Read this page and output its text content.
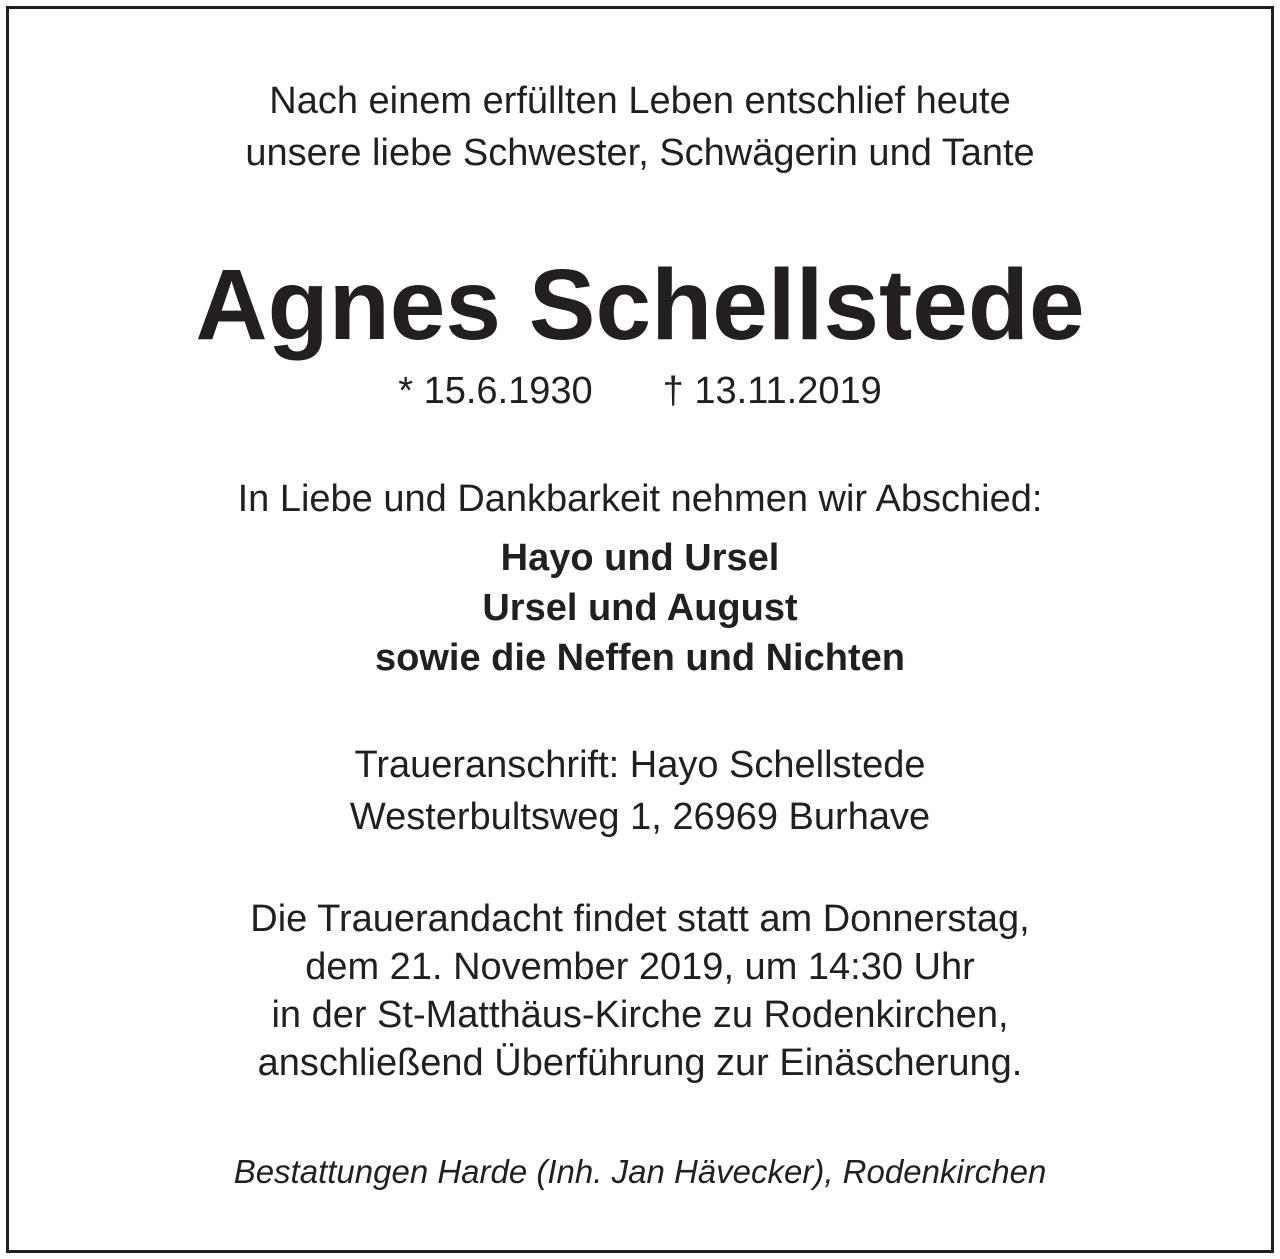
Nach einem erfüllten Leben entschlief heute
unsere liebe Schwester, Schwägerin und Tante
Agnes Schellstede
* 15.6.1930 † 13.11.2019
In Liebe und Dankbarkeit nehmen wir Abschied:
Hayo und Ursel
Ursel und August
sowie die Neffen und Nichten
Traueranschrift: Hayo Schellstede
Westerbultsweg 1, 26969 Burhave
Die Trauerandacht findet statt am Donnerstag,
dem 21. November 2019, um 14:30 Uhr
in der St-Matthäus-Kirche zu Rodenkirchen,
anschließend Überführung zur Einäscherung.
Bestattungen Harde (Inh. Jan Hävecker), Rodenkirchen
